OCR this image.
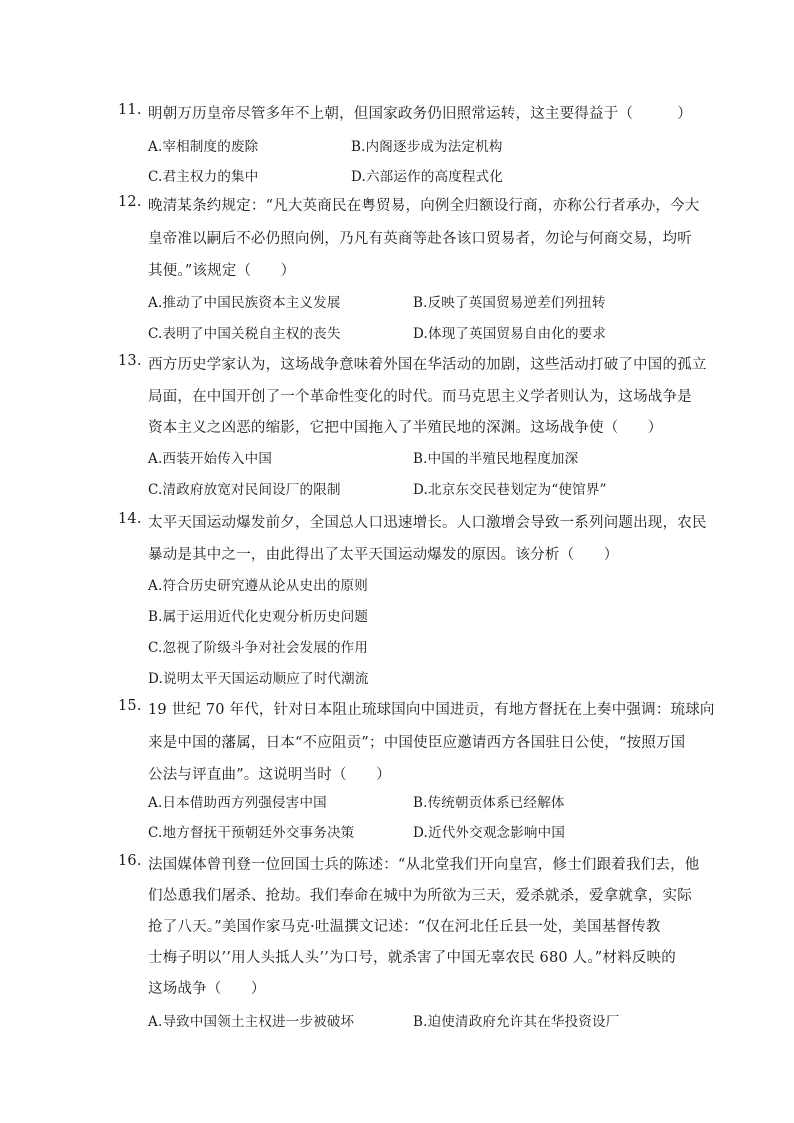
11. 明朝万历皇帝尽管多年不上朝，但国家政务仍旧照常运转，这主要得益于（　　　）
A.宰相制度的废除	B.内阁逐步成为法定机构
C.君主权力的集中	D.六部运作的高度程式化
12. 晚清某条约规定：“凡大英商民在粤贸易，向例全归额设行商，亦称公行者承办，今大
皇帝准以嗣后不必仍照向例，乃凡有英商等赴各该口贸易者，勿论与何商交易，均听
其便。”该规定（　　）
A.推动了中国民族资本主义发展	B.反映了英国贸易逆差们列扭转
C.表明了中国关税自主权的丧失	D.体现了英国贸易自由化的要求
13. 西方历史学家认为，这场战争意味着外国在华活动的加剧，这些活动打破了中国的孤立
局面，在中国开创了一个革命性变化的时代。而马克思主义学者则认为，这场战争是
资本主义之凶恶的缩影，它把中国拖入了半殖民地的深渊。这场战争使（　　）
A.西装开始传入中国	B.中国的半殖民地程度加深
C.清政府放宽对民间设厂的限制	D.北京东交民巷划定为“使馆界”
14. 太平天国运动爆发前夕，全国总人口迅速增长。人口激增会导致一系列问题出现，农民
暴动是其中之一，由此得出了太平天国运动爆发的原因。该分析（　　）
A.符合历史研究遵从论从史出的原则
B.属于运用近代化史观分析历史问题
C.忽视了阶级斗争对社会发展的作用
D.说明太平天国运动顺应了时代潮流
15. 19 世纪 70 年代，针对日本阻止琉球国向中国进贡，有地方督抚在上奏中强调：琉球向
来是中国的藩属，日本“不应阻贡”；中国使臣应邀请西方各国驻日公使，“按照万国
公法与评直曲”。这说明当时（　　）
A.日本借助西方列强侵害中国	B.传统朝贡体系已经解体
C.地方督抚干预朝廷外交事务决策	D.近代外交观念影响中国
16. 法国媒体曾刊登一位回国士兵的陈述：“从北堂我们开向皇宫，修士们跟着我们去，他
们怂恿我们屠杀、抢劫。我们奉命在城中为所欲为三天，爱杀就杀，爱拿就拿，实际
抢了八天。”美国作家马克·吐温撰文记述：“仅在河北任丘县一处，美国基督传教
士梅子明以’’用人头抵人头’’为口号，就杀害了中国无辜农民 680 人。”材料反映的
这场战争（　　）
A.导致中国领土主权进一步被破坏	B.迫使清政府允许其在华投资设厂
